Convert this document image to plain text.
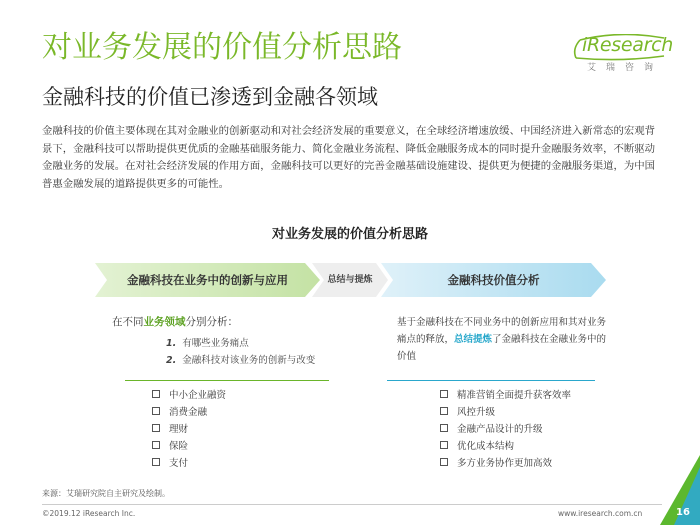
对业务发展的价值分析思路
金融科技的价值已渗透到金融各领域
iResearch
艾瑞咨询

金融科技的价值主要体现在其对金融业的创新驱动和对社会经济发展的重要意义，在全球经济增速放缓、中国经济进入新常态的宏观背景下，金融科技可以帮助提供更优质的金融基础服务能力、简化金融业务流程、降低金融服务成本的同时提升金融服务效率，不断驱动金融业务的发展。在对社会经济发展的作用方面，金融科技可以更好的完善金融基础设施建设、提供更为便捷的金融服务渠道，为中国普惠金融发展的道路提供更多的可能性。

对业务发展的价值分析思路
金融科技在业务中的创新与应用	总结与提炼	金融科技价值分析
在不同业务领域分别分析：
1. 有哪些业务痛点
2. 金融科技对该业务的创新与改变
中小企业融资
消费金融
理财
保险
支付
基于金融科技在不同业务中的创新应用和其对业务痛点的释放，总结提炼了金融科技在金融业务中的价值
精准营销全面提升获客效率
风控升级
金融产品设计的升级
优化成本结构
多方业务协作更加高效
来源：艾瑞研究院自主研究及绘制。
©2019.12 iResearch Inc.	www.iresearch.com.cn	16
